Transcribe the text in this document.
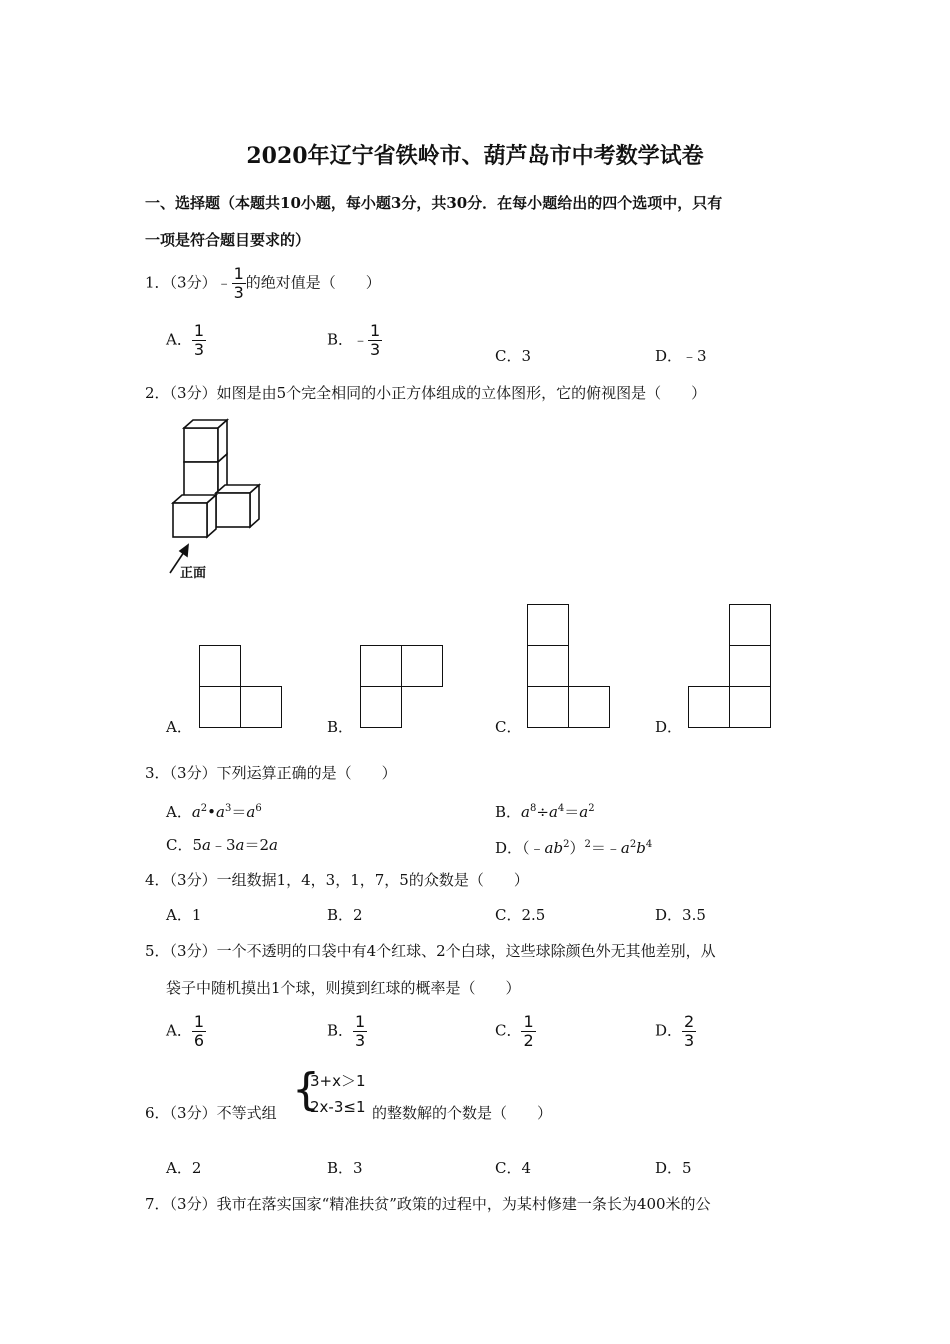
2020年辽宁省铁岭市、葫芦岛市中考数学试卷
一、选择题（本题共10小题，每小题3分，共30分．在每小题给出的四个选项中，只有
一项是符合题目要求的）
1．（3分）﹣ $\frac{1}{3}$ 的绝对值是（　　）
A． $\frac{1}{3}$	B．﹣ $\frac{1}{3}$	C．3	D．﹣3
2．（3分）如图是由5个完全相同的小正方体组成的立体图形，它的俯视图是（　　）
正面
A．	B．	C．	D．
3．（3分）下列运算正确的是（　　）
A．$a^2•a^3=a^6$	B．$a^8\div a^4=a^2$
C．5a﹣3a＝2a	D．$(﹣ab^2)^2=﹣a^2b^4$
4．（3分）一组数据1，4，3，1，7，5的众数是（　　）
A．1	B．2	C．2.5	D．3.5
5．（3分）一个不透明的口袋中有4个红球、2个白球，这些球除颜色外无其他差别，从
袋子中随机摸出1个球，则摸到红球的概率是（　　）
A． $\frac{1}{6}$	B． $\frac{1}{3}$	C． $\frac{1}{2}$	D． $\frac{2}{3}$
6．（3分）不等式组 {
3+x＞1
2x-3≤1 的整数解的个数是（　　）
A．2	B．3	C．4	D．5
7．（3分）我市在落实国家“精准扶贫”政策的过程中，为某村修建一条长为400米的公
